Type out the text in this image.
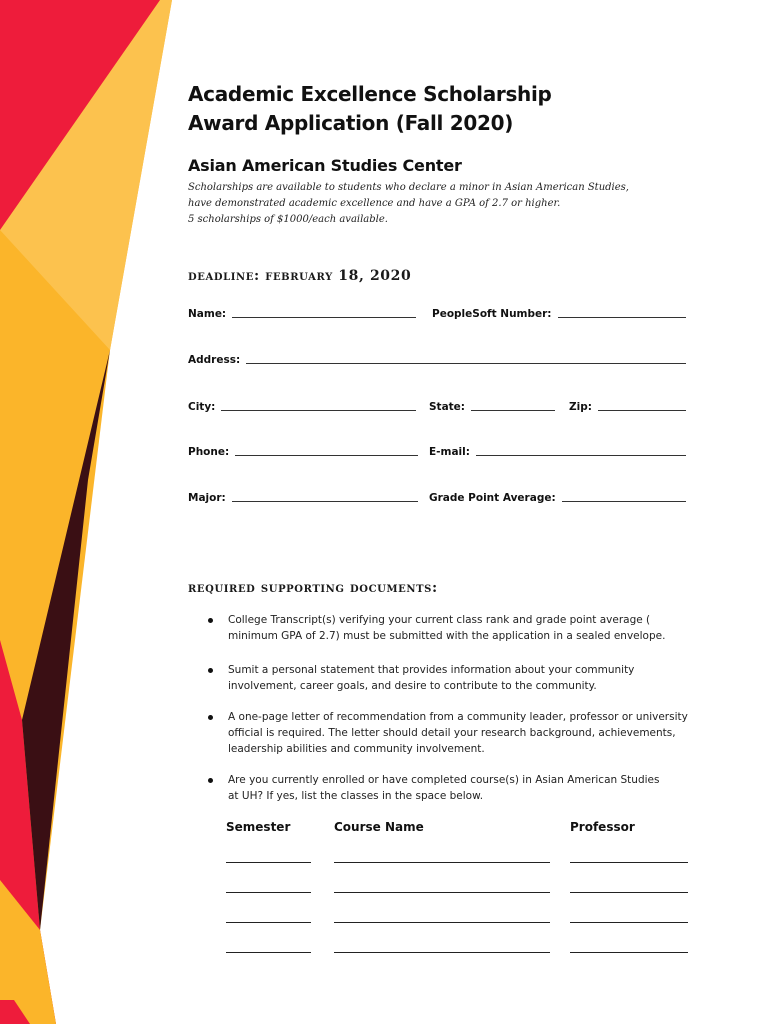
Academic Excellence Scholarship
Award Application (Fall 2020)
Asian American Studies Center
Scholarships are available to students who declare a minor in Asian American Studies,
have demonstrated academic excellence and have a GPA of 2.7 or higher.
5 scholarships of $1000/each available.
deadline: february 18, 2020
Name:	PeopleSoft Number:
Address:
City:	State:	Zip:
Phone:	E-mail:
Major:	Grade Point Average:
required supporting documents:
College Transcript(s) verifying your current class rank and grade point average (
minimum GPA of 2.7) must be submitted with the application in a sealed envelope.
Sumit a personal statement that provides information about your community
involvement, career goals, and desire to contribute to the community.
A one-page letter of recommendation from a community leader, professor or university
official is required. The letter should detail your research background, achievements,
leadership abilities and community involvement.
Are you currently enrolled or have completed course(s) in Asian American Studies
at UH? If yes, list the classes in the space below.
Semester	Course Name	Professor
